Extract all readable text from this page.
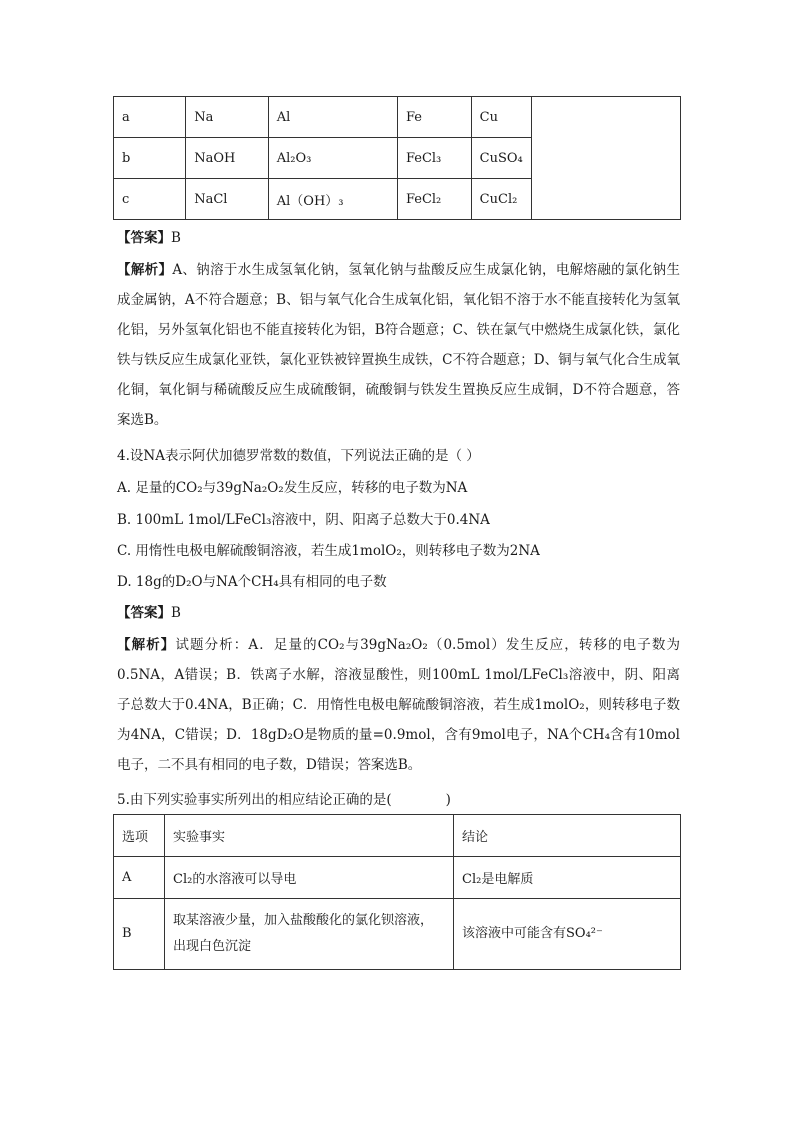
a	Na	Al	Fe	Cu	
b	NaOH	Al₂O₃	FeCl₃	CuSO₄	
c	NaCl	Al（OH）₃	FeCl₂	CuCl₂	
【答案】B
【解析】A、钠溶于水生成氢氧化钠，氢氧化钠与盐酸反应生成氯化钠，电解熔融的氯化钠生成金属钠，A不符合题意；B、铝与氧气化合生成氧化铝，氧化铝不溶于水不能直接转化为氢氧化铝，另外氢氧化铝也不能直接转化为铝，B符合题意；C、铁在氯气中燃烧生成氯化铁，氯化铁与铁反应生成氯化亚铁，氯化亚铁被锌置换生成铁，C不符合题意；D、铜与氧气化合生成氧化铜，氧化铜与稀硫酸反应生成硫酸铜，硫酸铜与铁发生置换反应生成铜，D不符合题意，答案选B。
4.设NA表示阿伏加德罗常数的数值，下列说法正确的是（ ）
A. 足量的CO₂与39gNa₂O₂发生反应，转移的电子数为NA
B. 100mL 1mol/LFeCl₃溶液中，阴、阳离子总数大于0.4NA
C. 用惰性电极电解硫酸铜溶液，若生成1molO₂，则转移电子数为2NA
D. 18g的D₂O与NA个CH₄具有相同的电子数
【答案】B
【解析】试题分析：A．足量的CO₂与39gNa₂O₂（0.5mol）发生反应，转移的电子数为0.5NA，A错误；B．铁离子水解，溶液显酸性，则100mL 1mol/LFeCl₃溶液中，阴、阳离子总数大于0.4NA，B正确；C．用惰性电极电解硫酸铜溶液，若生成1molO₂，则转移电子数为4NA，C错误；D．18gD₂O是物质的量=0.9mol，含有9mol电子，NA个CH₄含有10mol电子，二不具有相同的电子数，D错误；答案选B。
5.由下列实验事实所列出的相应结论正确的是(　　　　)
选项	实验事实	结论
A	Cl₂的水溶液可以导电	Cl₂是电解质
B	取某溶液少量，加入盐酸酸化的氯化钡溶液，出现白色沉淀	该溶液中可能含有SO₄²⁻
